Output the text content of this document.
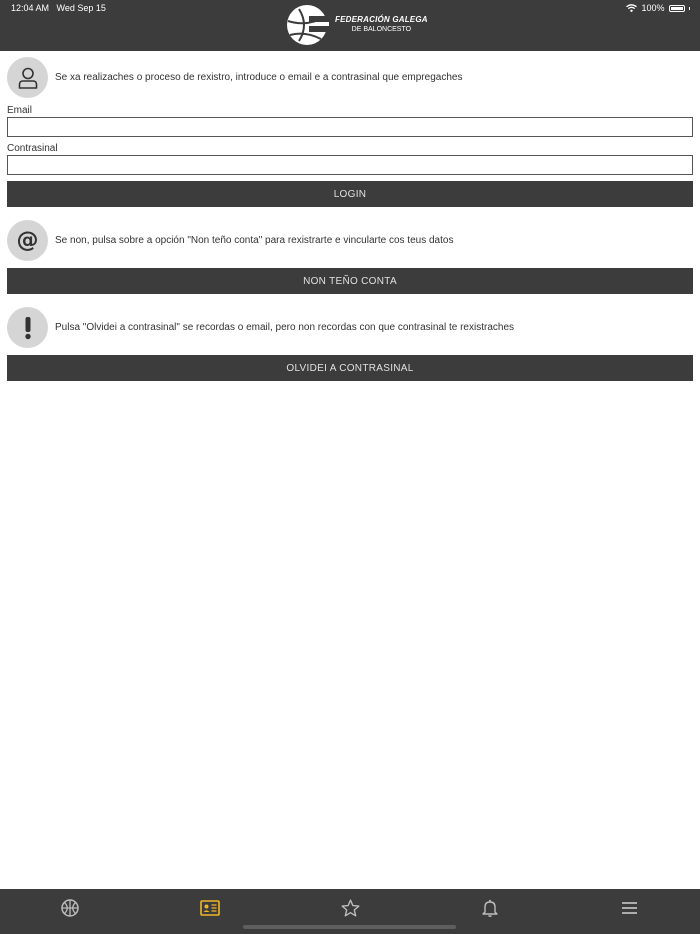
12:04 AM Wed Sep 15	100%
FEDERACIÓN GALEGA
DE BALONCESTO
Se xa realizaches o proceso de rexistro, introduce o email e a contrasinal que empregaches
Email
Contrasinal
LOGIN
@ Se non, pulsa sobre a opción "Non teño conta" para rexistrarte e vincularte cos teus datos
NON TEÑO CONTA
Pulsa "Olvidei a contrasinal" se recordas o email, pero non recordas con que contrasinal te rexistraches
OLVIDEI A CONTRASINAL
